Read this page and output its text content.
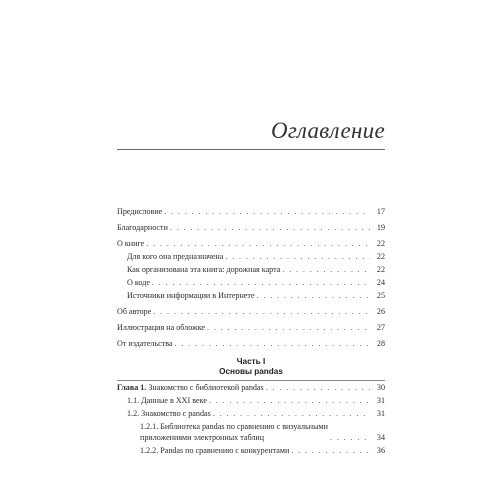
Оглавление
Предисловие . . .	17
Благодарности . . .	19
О книге . . .	22
Для кого она предназначена . . .	22
Как организована эта книга: дорожная карта . . .	22
О коде . . .	24
Источники информации в Интернете . . .	25
Об авторе . . .	26
Иллюстрация на обложке . . .	27
От издательства . . .	28
Часть I
Основы pandas
Глава 1. Знакомство с библиотекой pandas . . .	30
1.1. Данные в XXI веке . . .	31
1.2. Знакомство с pandas . . .	31
1.2.1. Библиотека pandas по сравнению с визуальными приложениями электронных таблиц . . .	34
1.2.2. Pandas по сравнению с конкурентами . . .	36
